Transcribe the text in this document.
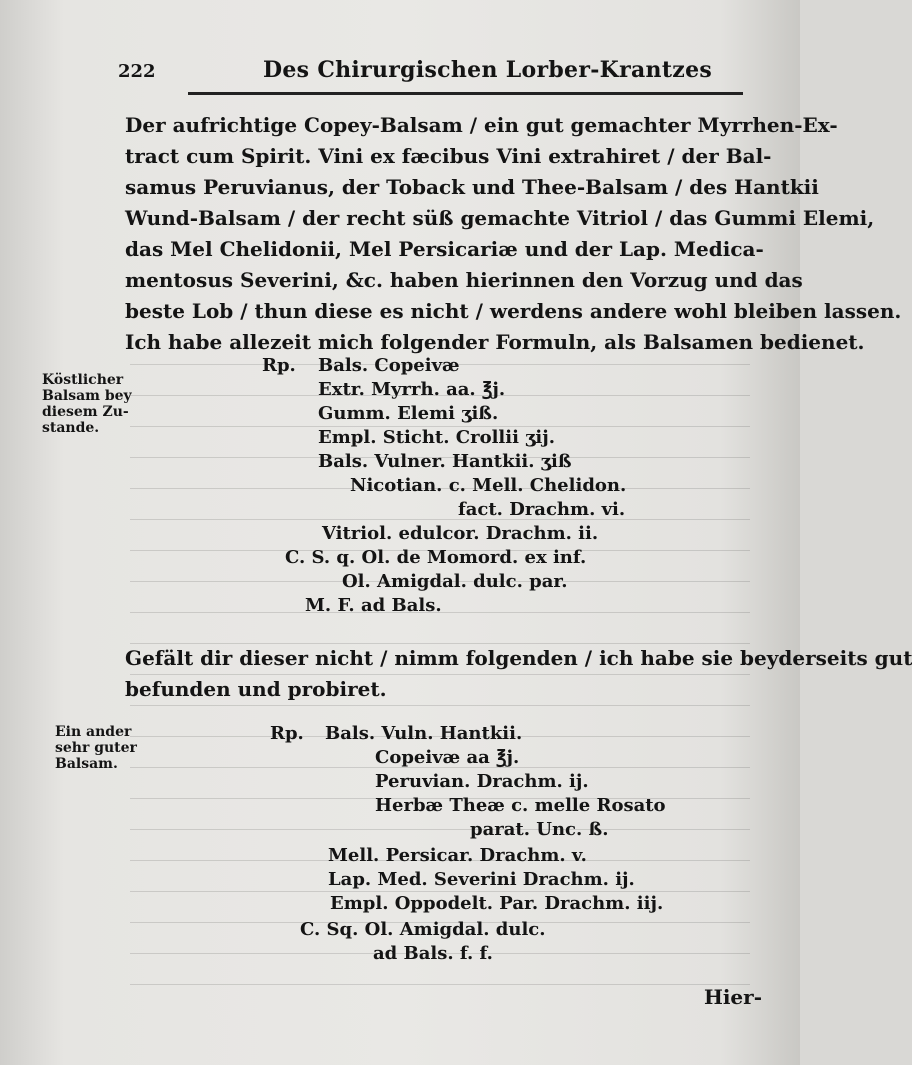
222	Des Chirurgischen Lorber-Krantzes
Der aufrichtige Copey-Balsam / ein gut gemachter Myrrhen-Ex-
tract cum Spirit. Vini ex fæcibus Vini extrahiret / der Bal-
samus Peruvianus, der Toback und Thee-Balsam / des Hantkii
Wund-Balsam / der recht süß gemachte Vitriol / das Gummi Elemi,
das Mel Chelidonii, Mel Persicariæ und der Lap. Medica-
mentosus Severini, &c. haben hierinnen den Vorzug und das
beste Lob / thun diese es nicht / werdens andere wohl bleiben lassen.
Ich habe allezeit mich folgender Formuln, als Balsamen bedienet.
Köstlicher
Balsam bey
diesem Zu-
stande.
Rp. Bals. Copeivæ
Extr. Myrrh. aa. ℥j.
Gumm. Elemi ʒiß.
Empl. Sticht. Crollii ʒij.
Bals. Vulner. Hantkii. ʒiß
Nicotian. c. Mell. Chelidon.
fact. Drachm. vi.
Vitriol. edulcor. Drachm. ii.
C. S. q. Ol. de Momord. ex inf.
Ol. Amigdal. dulc. par.
M. F. ad Bals.
Gefält dir dieser nicht / nimm folgenden / ich habe sie beyderseits gut
befunden und probiret.
Ein ander
sehr guter
Balsam.
Rp. Bals. Vuln. Hantkii.
Copeivæ aa ℥j.
Peruvian. Drachm. ij.
Herbæ Theæ c. melle Rosato
parat. Unc. ß.
Mell. Persicar. Drachm. v.
Lap. Med. Severini Drachm. ij.
Empl. Oppodelt. Par. Drachm. iij.
C. Sq. Ol. Amigdal. dulc.
ad Bals. f. f.
Hier-
